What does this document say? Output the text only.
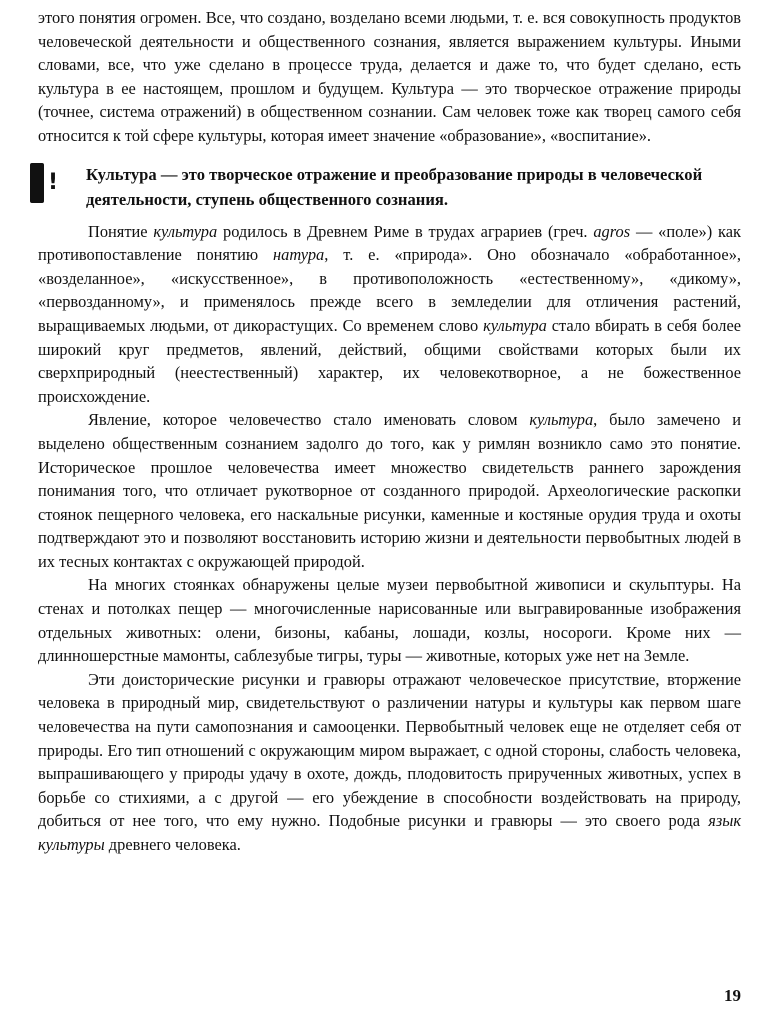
этого понятия огромен. Все, что создано, возделано всеми людьми, т. е. вся совокупность продуктов человеческой деятельности и общественного сознания, является выражением культуры. Иными словами, все, что уже сделано в процессе труда, делается и даже то, что будет сделано, есть культура в ее настоящем, прошлом и будущем. Культура — это творческое отражение природы (точнее, система отражений) в общественном сознании. Сам человек тоже как творец самого себя относится к той сфере культуры, которая имеет значение «образование», «воспитание».

! Культура — это творческое отражение и преобразование природы в человеческой деятельности, ступень общественного сознания.

Понятие культура родилось в Древнем Риме в трудах аграриев (греч. agros — «поле») как противопоставление понятию натура, т. е. «природа». Оно обозначало «обработанное», «возделанное», «искусственное», в противоположность «естественному», «дикому», «первозданному», и применялось прежде всего в земледелии для отличения растений, выращиваемых людьми, от дикорастущих. Со временем слово культура стало вбирать в себя более широкий круг предметов, явлений, действий, общими свойствами которых были их сверхприродный (неестественный) характер, их человекотворное, а не божественное происхождение.

Явление, которое человечество стало именовать словом культура, было замечено и выделено общественным сознанием задолго до того, как у римлян возникло само это понятие. Историческое прошлое человечества имеет множество свидетельств раннего зарождения понимания того, что отличает рукотворное от созданного природой. Археологические раскопки стоянок пещерного человека, его наскальные рисунки, каменные и костяные орудия труда и охоты подтверждают это и позволяют восстановить историю жизни и деятельности первобытных людей в их тесных контактах с окружающей природой.

На многих стоянках обнаружены целые музеи первобытной живописи и скульптуры. На стенах и потолках пещер — многочисленные нарисованные или выгравированные изображения отдельных животных: олени, бизоны, кабаны, лошади, козлы, носороги. Кроме них — длинношерстные мамонты, саблезубые тигры, туры — животные, которых уже нет на Земле.

Эти доисторические рисунки и гравюры отражают человеческое присутствие, вторжение человека в природный мир, свидетельствуют о различении натуры и культуры как первом шаге человечества на пути самопознания и самооценки. Первобытный человек еще не отделяет себя от природы. Его тип отношений с окружающим миром выражает, с одной стороны, слабость человека, выпрашивающего у природы удачу в охоте, дождь, плодовитость прирученных животных, успех в борьбе со стихиями, а с другой — его убеждение в способности воздействовать на природу, добиться от нее того, что ему нужно. Подобные рисунки и гравюры — это своего рода язык культуры древнего человека.

19
